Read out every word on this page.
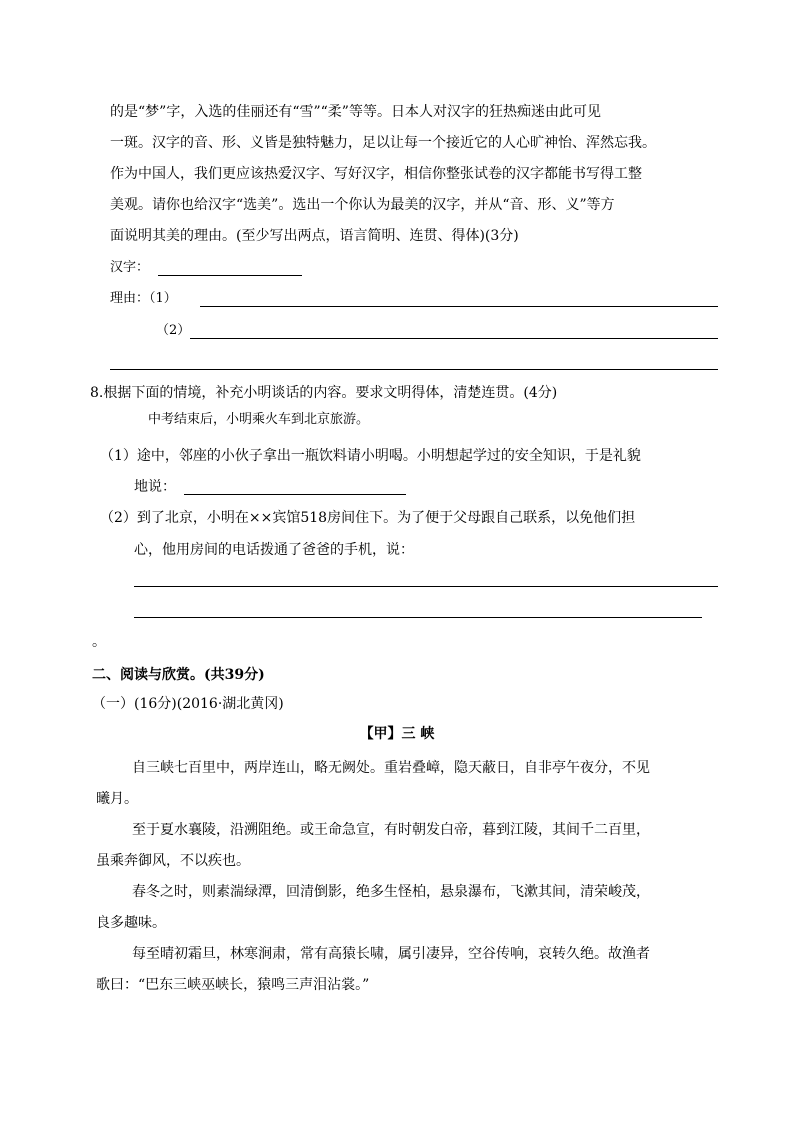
的是“梦”字，入选的佳丽还有“雪”“柔”等等。日本人对汉字的狂热痴迷由此可见
一斑。汉字的音、形、义皆是独特魅力，足以让每一个接近它的人心旷神怡、浑然忘我。
作为中国人，我们更应该热爱汉字、写好汉字，相信你整张试卷的汉字都能书写得工整
美观。请你也给汉字“选美”。选出一个你认为最美的汉字，并从“音、形、义”等方
面说明其美的理由。(至少写出两点，语言简明、连贯、得体)(3分)
汉字：
理由：（1）
（2）
8.根据下面的情境，补充小明谈话的内容。要求文明得体，清楚连贯。(4分)
中考结束后，小明乘火车到北京旅游。
（1）途中，邻座的小伙子拿出一瓶饮料请小明喝。小明想起学过的安全知识，于是礼貌
地说：
（2）到了北京，小明在××宾馆518房间住下。为了便于父母跟自己联系，以免他们担
心，他用房间的电话拨通了爸爸的手机，说：
。
二、阅读与欣赏。(共39分)
（一）(16分)(2016·湖北黄冈)
【甲】三 峡
自三峡七百里中，两岸连山，略无阙处。重岩叠嶂，隐天蔽日，自非亭午夜分，不见
曦月。
至于夏水襄陵，沿溯阻绝。或王命急宣，有时朝发白帝，暮到江陵，其间千二百里，
虽乘奔御风，不以疾也。
春冬之时，则素湍绿潭，回清倒影，绝多生怪柏，悬泉瀑布，飞漱其间，清荣峻茂，
良多趣味。
每至晴初霜旦，林寒涧肃，常有高猿长啸，属引凄异，空谷传响，哀转久绝。故渔者
歌曰：“巴东三峡巫峡长，猿鸣三声泪沾裳。”
